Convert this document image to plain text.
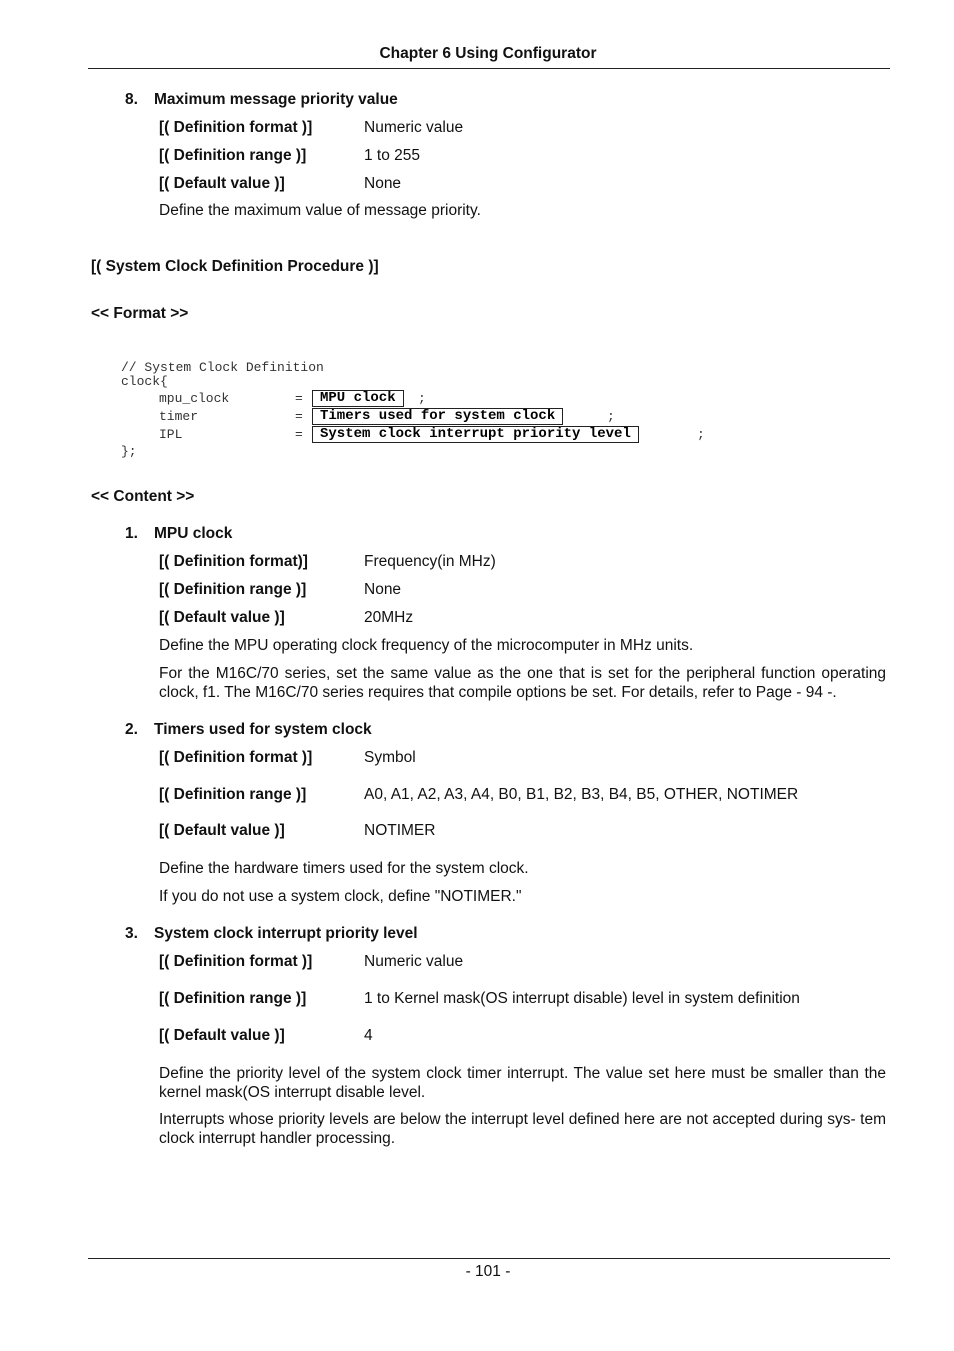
Chapter 6 Using Configurator
8. Maximum message priority value
[( Definition format )]	Numeric value
[( Definition range )]	1 to 255
[( Default value )]	None
Define the maximum value of message priority.
[( System Clock Definition Procedure )]
<< Format >>
// System Clock Definition
clock{
mpu_clock	=	MPU clock	;
timer	=	Timers used for system clock	;
IPL	=	System clock interrupt priority level	;
};
<< Content >>
1. MPU clock
[( Definition format)]	Frequency(in MHz)
[( Definition range )]	None
[( Default value )]	20MHz
Define the MPU operating clock frequency of the microcomputer in MHz units.
For the M16C/70 series, set the same value as the one that is set for the peripheral function operating clock, f1. The M16C/70 series requires that compile options be set. For details, refer to Page - 94 -.
2. Timers used for system clock
[( Definition format )]	Symbol
[( Definition range )]	A0, A1, A2, A3, A4, B0, B1, B2, B3, B4, B5, OTHER, NOTIMER
[( Default value )]	NOTIMER
Define the hardware timers used for the system clock.
If you do not use a system clock, define "NOTIMER."
3. System clock interrupt priority level
[( Definition format )]	Numeric value
[( Definition range )]	1 to Kernel mask(OS interrupt disable) level in system definition
[( Default value )]	4
Define the priority level of the system clock timer interrupt. The value set here must be smaller than the kernel mask(OS interrupt disable level.
Interrupts whose priority levels are below the interrupt level defined here are not accepted during sys- tem clock interrupt handler processing.
- 101 -
